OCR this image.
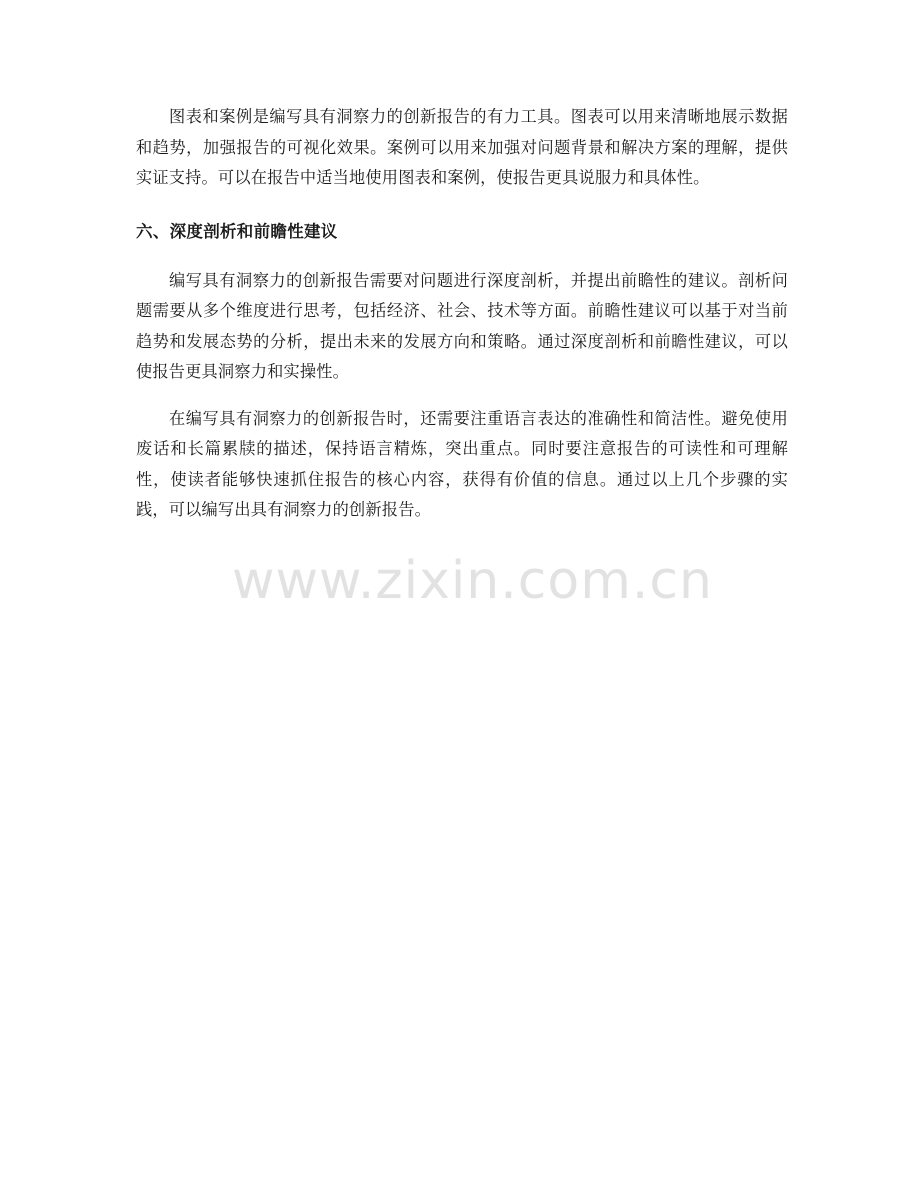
www.zixin.com.cn

图表和案例是编写具有洞察力的创新报告的有力工具。图表可以用来清晰地展示数据和趋势，加强报告的可视化效果。案例可以用来加强对问题背景和解决方案的理解，提供实证支持。可以在报告中适当地使用图表和案例，使报告更具说服力和具体性。

六、深度剖析和前瞻性建议

编写具有洞察力的创新报告需要对问题进行深度剖析，并提出前瞻性的建议。剖析问题需要从多个维度进行思考，包括经济、社会、技术等方面。前瞻性建议可以基于对当前趋势和发展态势的分析，提出未来的发展方向和策略。通过深度剖析和前瞻性建议，可以使报告更具洞察力和实操性。

在编写具有洞察力的创新报告时，还需要注重语言表达的准确性和简洁性。避免使用废话和长篇累牍的描述，保持语言精炼，突出重点。同时要注意报告的可读性和可理解性，使读者能够快速抓住报告的核心内容，获得有价值的信息。通过以上几个步骤的实践，可以编写出具有洞察力的创新报告。
